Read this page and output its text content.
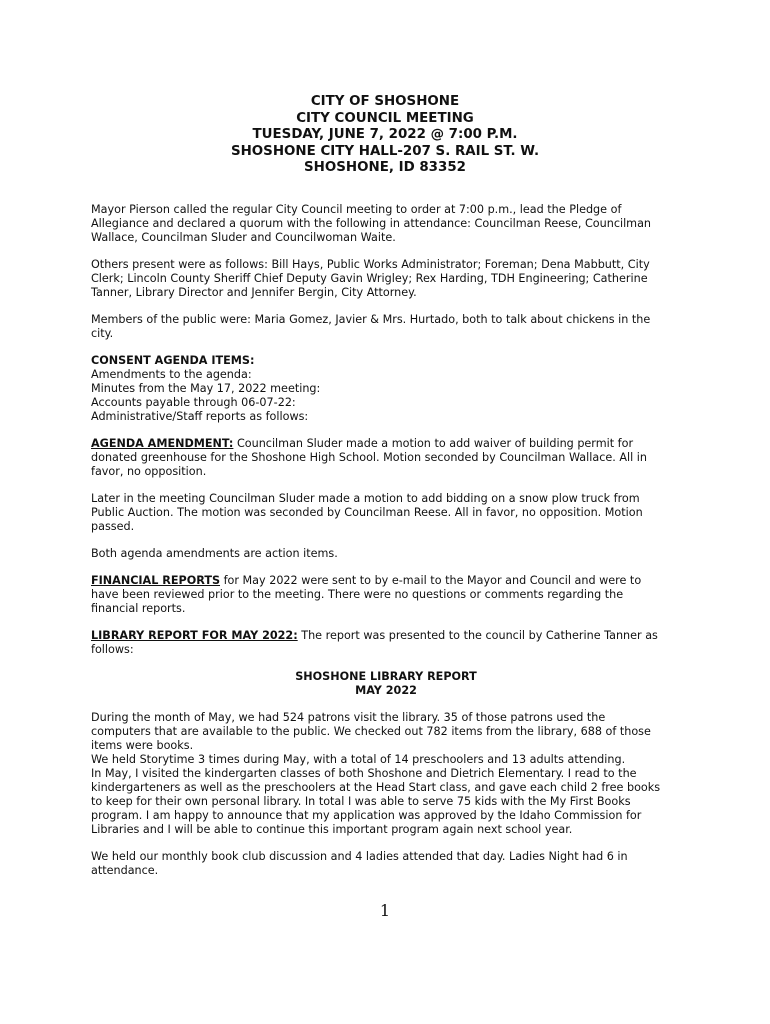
CITY OF SHOSHONE
CITY COUNCIL MEETING
TUESDAY, JUNE 7, 2022 @ 7:00 P.M.
SHOSHONE CITY HALL-207 S. RAIL ST. W.
SHOSHONE, ID 83352
Mayor Pierson called the regular City Council meeting to order at 7:00 p.m., lead the Pledge of
Allegiance and declared a quorum with the following in attendance: Councilman Reese, Councilman
Wallace, Councilman Sluder and Councilwoman Waite.
Others present were as follows: Bill Hays, Public Works Administrator; Foreman; Dena Mabbutt, City
Clerk; Lincoln County Sheriff Chief Deputy Gavin Wrigley; Rex Harding, TDH Engineering; Catherine
Tanner, Library Director and Jennifer Bergin, City Attorney.
Members of the public were: Maria Gomez, Javier & Mrs. Hurtado, both to talk about chickens in the
city.
CONSENT AGENDA ITEMS:
Amendments to the agenda:
Minutes from the May 17, 2022 meeting:
Accounts payable through 06-07-22:
Administrative/Staff reports as follows:
AGENDA AMENDMENT: Councilman Sluder made a motion to add waiver of building permit for
donated greenhouse for the Shoshone High School. Motion seconded by Councilman Wallace. All in
favor, no opposition.
Later in the meeting Councilman Sluder made a motion to add bidding on a snow plow truck from
Public Auction. The motion was seconded by Councilman Reese. All in favor, no opposition. Motion
passed.
Both agenda amendments are action items.
FINANCIAL REPORTS for May 2022 were sent to by e-mail to the Mayor and Council and were to
have been reviewed prior to the meeting. There were no questions or comments regarding the
financial reports.
LIBRARY REPORT FOR MAY 2022: The report was presented to the council by Catherine Tanner as
follows:
SHOSHONE LIBRARY REPORT
MAY 2022
During the month of May, we had 524 patrons visit the library. 35 of those patrons used the
computers that are available to the public. We checked out 782 items from the library, 688 of those
items were books.
We held Storytime 3 times during May, with a total of 14 preschoolers and 13 adults attending.
In May, I visited the kindergarten classes of both Shoshone and Dietrich Elementary. I read to the
kindergarteners as well as the preschoolers at the Head Start class, and gave each child 2 free books
to keep for their own personal library. In total I was able to serve 75 kids with the My First Books
program. I am happy to announce that my application was approved by the Idaho Commission for
Libraries and I will be able to continue this important program again next school year.
We held our monthly book club discussion and 4 ladies attended that day. Ladies Night had 6 in
attendance.
1
